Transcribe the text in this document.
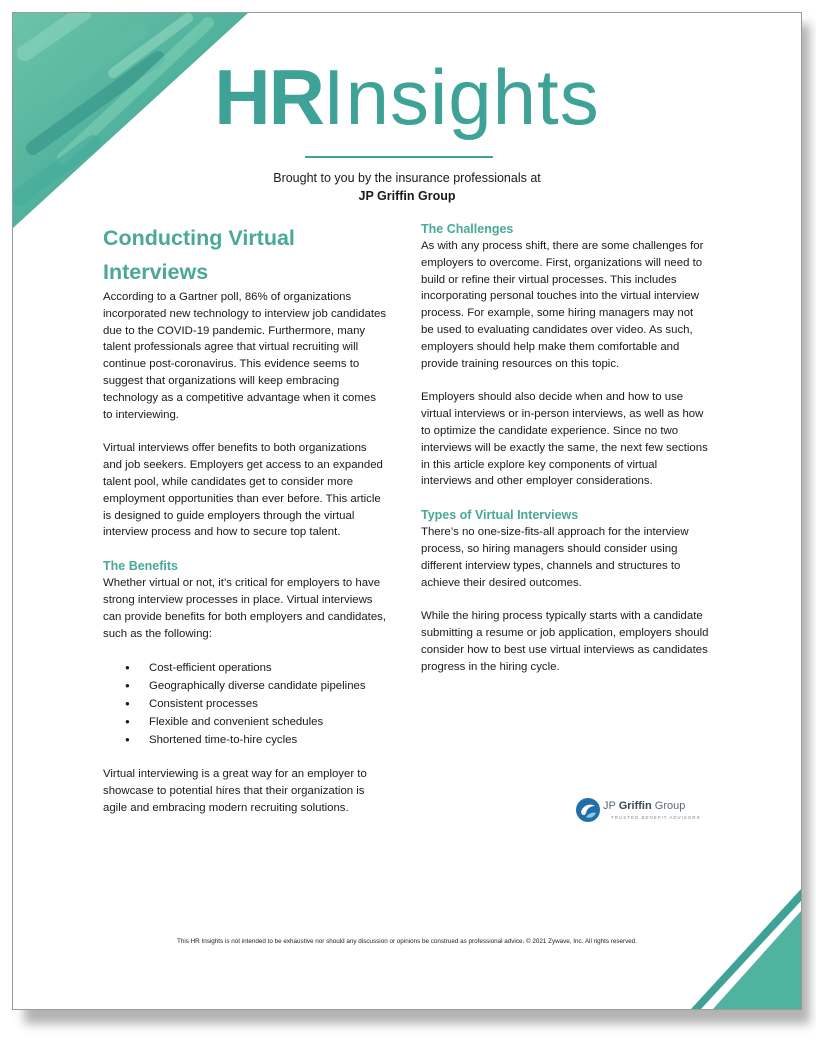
HRInsights
Brought to you by the insurance professionals at
JP Griffin Group
Conducting Virtual Interviews

According to a Gartner poll, 86% of organizations incorporated new technology to interview job candidates due to the COVID-19 pandemic. Furthermore, many talent professionals agree that virtual recruiting will continue post-coronavirus. This evidence seems to suggest that organizations will keep embracing technology as a competitive advantage when it comes to interviewing.

Virtual interviews offer benefits to both organizations and job seekers. Employers get access to an expanded talent pool, while candidates get to consider more employment opportunities than ever before. This article is designed to guide employers through the virtual interview process and how to secure top talent.

The Benefits

Whether virtual or not, it’s critical for employers to have strong interview processes in place. Virtual interviews can provide benefits for both employers and candidates, such as the following:

● Cost-efficient operations
● Geographically diverse candidate pipelines
● Consistent processes
● Flexible and convenient schedules
● Shortened time-to-hire cycles

Virtual interviewing is a great way for an employer to showcase to potential hires that their organization is agile and embracing modern recruiting solutions.

The Challenges

As with any process shift, there are some challenges for employers to overcome. First, organizations will need to build or refine their virtual processes. This includes incorporating personal touches into the virtual interview process. For example, some hiring managers may not be used to evaluating candidates over video. As such, employers should help make them comfortable and provide training resources on this topic.

Employers should also decide when and how to use virtual interviews or in-person interviews, as well as how to optimize the candidate experience. Since no two interviews will be exactly the same, the next few sections in this article explore key components of virtual interviews and other employer considerations.

Types of Virtual Interviews

There’s no one-size-fits-all approach for the interview process, so hiring managers should consider using different interview types, channels and structures to achieve their desired outcomes.

While the hiring process typically starts with a candidate submitting a resume or job application, employers should consider how to best use virtual interviews as candidates progress in the hiring cycle.

JP Griffin Group
TRUSTED BENEFIT ADVISORS
This HR Insights is not intended to be exhaustive nor should any discussion or opinions be construed as professional advice. © 2021 Zywave, Inc. All rights reserved.
